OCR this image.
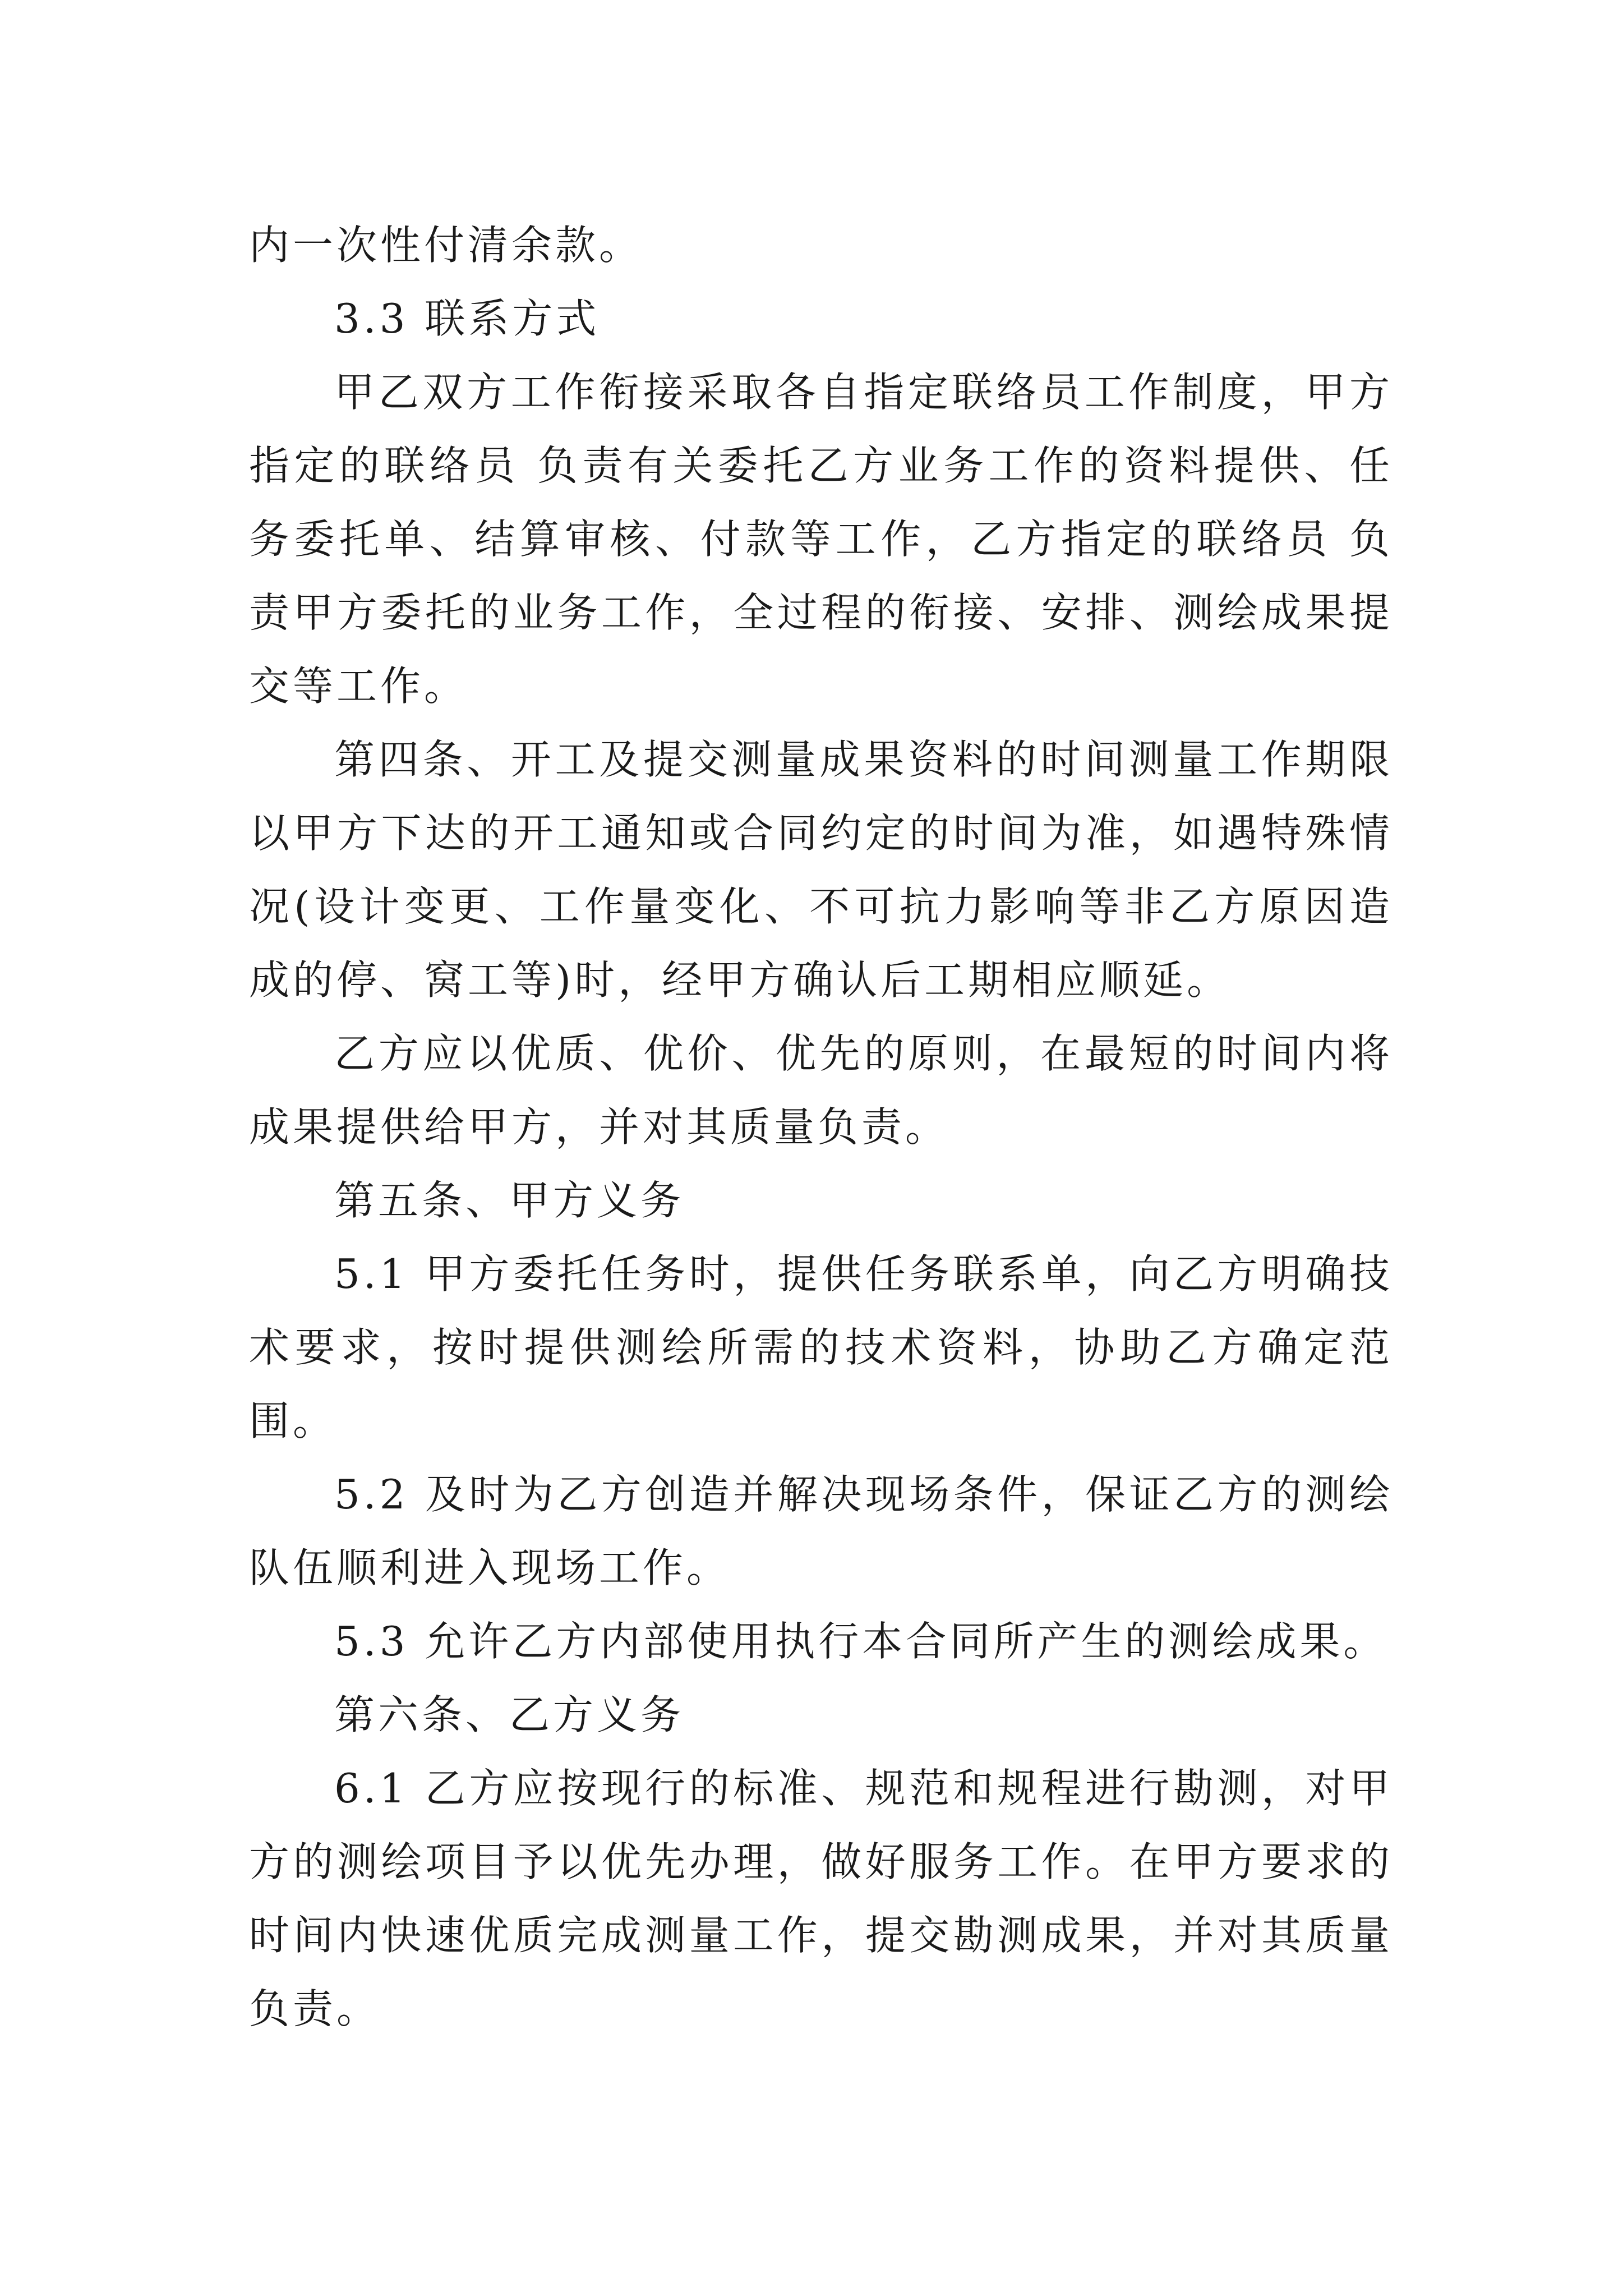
内一次性付清余款。

3.3 联系方式

甲乙双方工作衔接采取各自指定联络员工作制度，甲方指定的联络员 负责有关委托乙方业务工作的资料提供、任务委托单、结算审核、付款等工作，乙方指定的联络员 负责甲方委托的业务工作，全过程的衔接、安排、测绘成果提交等工作。

第四条、开工及提交测量成果资料的时间测量工作期限以甲方下达的开工通知或合同约定的时间为准，如遇特殊情况(设计变更、工作量变化、不可抗力影响等非乙方原因造成的停、窝工等)时，经甲方确认后工期相应顺延。

乙方应以优质、优价、优先的原则，在最短的时间内将成果提供给甲方，并对其质量负责。

第五条、甲方义务

5.1 甲方委托任务时，提供任务联系单，向乙方明确技术要求，按时提供测绘所需的技术资料，协助乙方确定范围。

5.2 及时为乙方创造并解决现场条件，保证乙方的测绘队伍顺利进入现场工作。

5.3 允许乙方内部使用执行本合同所产生的测绘成果。

第六条、乙方义务

6.1 乙方应按现行的标准、规范和规程进行勘测，对甲方的测绘项目予以优先办理，做好服务工作。在甲方要求的时间内快速优质完成测量工作，提交勘测成果，并对其质量负责。
